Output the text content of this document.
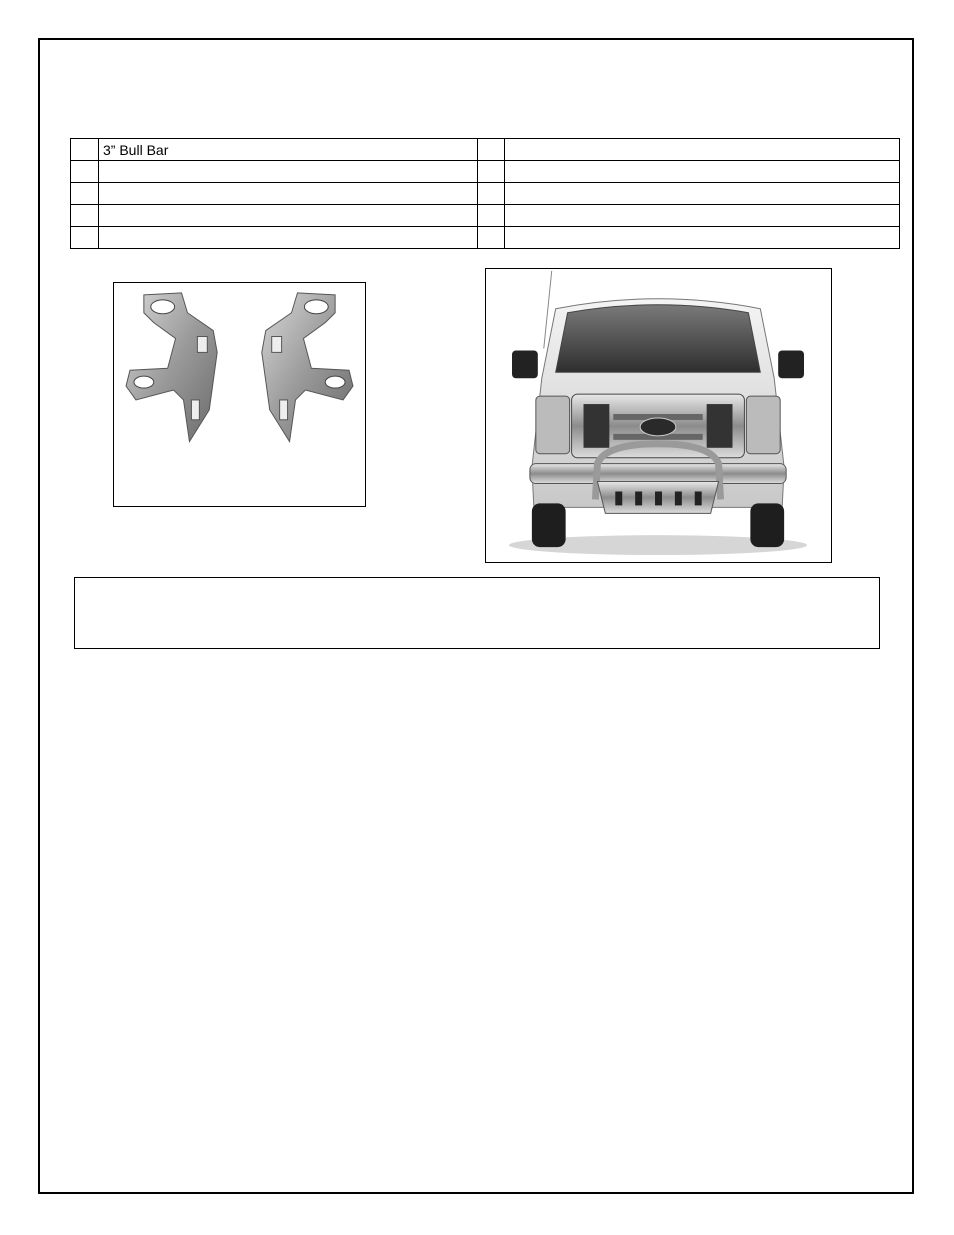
	3” Bull Bar		
